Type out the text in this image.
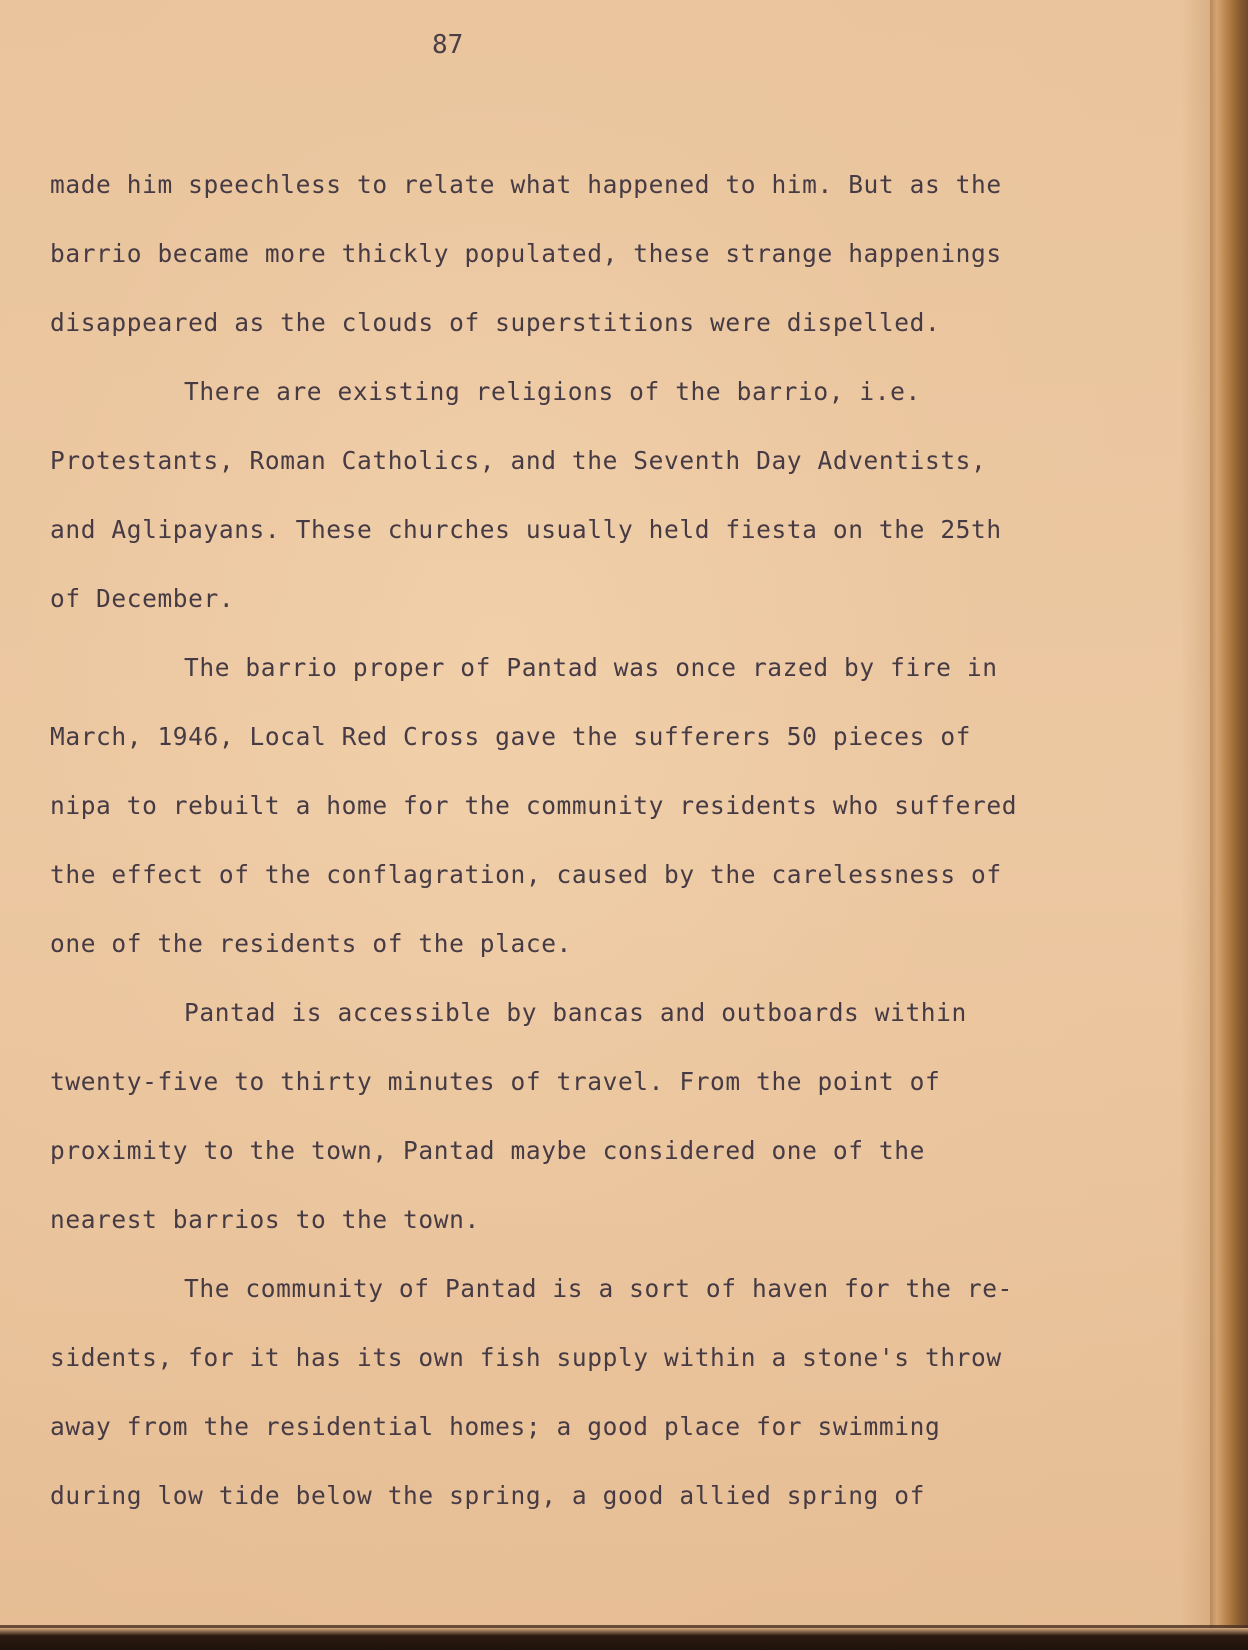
87
made him speechless to relate what happened to him. But as the
barrio became more thickly populated, these strange happenings
disappeared as the clouds of superstitions were dispelled.
There are existing religions of the barrio, i.e.
Protestants, Roman Catholics, and the Seventh Day Adventists,
and Aglipayans. These churches usually held fiesta on the 25th
of December.
The barrio proper of Pantad was once razed by fire in
March, 1946, Local Red Cross gave the sufferers 50 pieces of
nipa to rebuilt a home for the community residents who suffered
the effect of the conflagration, caused by the carelessness of
one of the residents of the place.
Pantad is accessible by bancas and outboards within
twenty-five to thirty minutes of travel. From the point of
proximity to the town, Pantad maybe considered one of the
nearest barrios to the town.
The community of Pantad is a sort of haven for the re-
sidents, for it has its own fish supply within a stone's throw
away from the residential homes; a good place for swimming
during low tide below the spring, a good allied spring of
